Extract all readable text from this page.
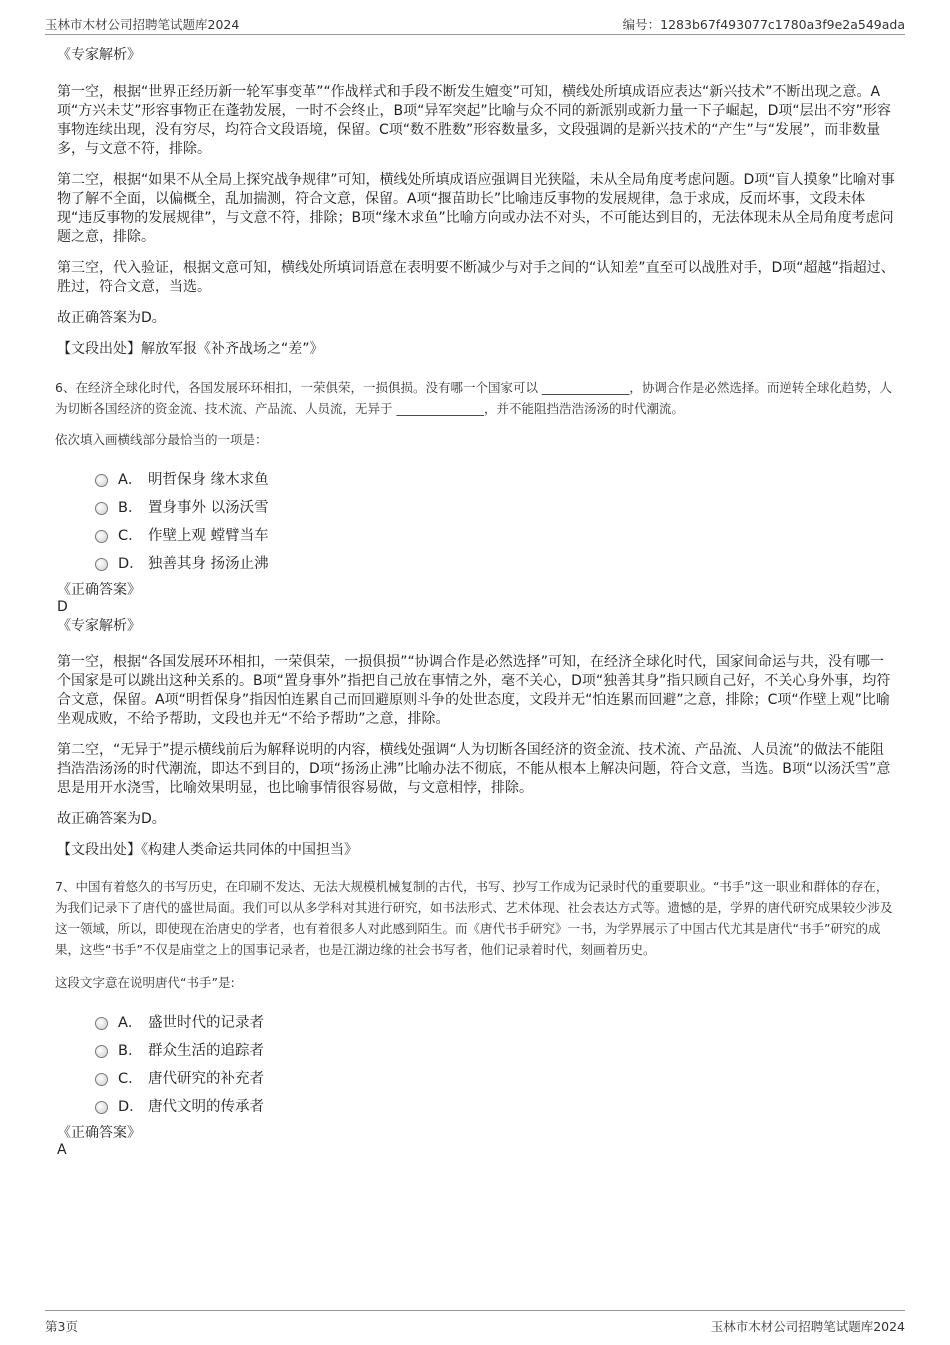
玉林市木材公司招聘笔试题库2024	编号：1283b67f493077c1780a3f9e2a549ada
《专家解析》

第一空，根据“世界正经历新一轮军事变革”“作战样式和手段不断发生嬗变”可知，横线处所填成语应表达“新兴技术”不断出现之意。A项“方兴未艾”形容事物正在蓬勃发展，一时不会终止，B项“异军突起”比喻与众不同的新派别或新力量一下子崛起，D项“层出不穷”形容事物连续出现，没有穷尽，均符合文段语境，保留。C项“数不胜数”形容数量多，文段强调的是新兴技术的“产生”与“发展”，而非数量多，与文意不符，排除。

第二空，根据“如果不从全局上探究战争规律”可知，横线处所填成语应强调目光狭隘，未从全局角度考虑问题。D项“盲人摸象”比喻对事物了解不全面，以偏概全，乱加揣测，符合文意，保留。A项“揠苗助长”比喻违反事物的发展规律，急于求成，反而坏事，文段未体现“违反事物的发展规律”，与文意不符，排除；B项“缘木求鱼”比喻方向或办法不对头，不可能达到目的，无法体现未从全局角度考虑问题之意，排除。

第三空，代入验证，根据文意可知，横线处所填词语意在表明要不断减少与对手之间的“认知差”直至可以战胜对手，D项“超越”指超过、胜过，符合文意，当选。

故正确答案为D。

【文段出处】解放军报《补齐战场之“差”》

6、在经济全球化时代，各国发展环环相扣，一荣俱荣，一损俱损。没有哪一个国家可以 ______________，协调合作是必然选择。而逆转全球化趋势，人为切断各国经济的资金流、技术流、产品流、人员流，无异于 ______________，并不能阻挡浩浩汤汤的时代潮流。

依次填入画横线部分最恰当的一项是：

A． 明哲保身 缘木求鱼
B． 置身事外 以汤沃雪
C． 作壁上观 螳臂当车
D． 独善其身 扬汤止沸
《正确答案》
D
《专家解析》

第一空，根据“各国发展环环相扣，一荣俱荣，一损俱损”“协调合作是必然选择”可知，在经济全球化时代，国家间命运与共，没有哪一个国家是可以跳出这种关系的。B项“置身事外”指把自己放在事情之外，毫不关心，D项“独善其身”指只顾自己好，不关心身外事，均符合文意，保留。A项“明哲保身”指因怕连累自己而回避原则斗争的处世态度，文段并无“怕连累而回避”之意，排除；C项“作壁上观”比喻坐观成败，不给予帮助，文段也并无“不给予帮助”之意，排除。

第二空，“无异于”提示横线前后为解释说明的内容，横线处强调“人为切断各国经济的资金流、技术流、产品流、人员流”的做法不能阻挡浩浩汤汤的时代潮流，即达不到目的，D项“扬汤止沸”比喻办法不彻底，不能从根本上解决问题，符合文意，当选。B项“以汤沃雪”意思是用开水浇雪，比喻效果明显，也比喻事情很容易做，与文意相悖，排除。

故正确答案为D。

【文段出处】《构建人类命运共同体的中国担当》

7、中国有着悠久的书写历史，在印刷不发达、无法大规模机械复制的古代，书写、抄写工作成为记录时代的重要职业。“书手”这一职业和群体的存在，为我们记录下了唐代的盛世局面。我们可以从多学科对其进行研究，如书法形式、艺术体现、社会表达方式等。遗憾的是，学界的唐代研究成果较少涉及这一领域，所以，即使现在治唐史的学者，也有着很多人对此感到陌生。而《唐代书手研究》一书，为学界展示了中国古代尤其是唐代“书手”研究的成果，这些“书手”不仅是庙堂之上的国事记录者，也是江湖边缘的社会书写者，他们记录着时代，刻画着历史。

这段文字意在说明唐代“书手”是:

A． 盛世时代的记录者
B． 群众生活的追踪者
C． 唐代研究的补充者
D． 唐代文明的传承者
《正确答案》
A
第3页	玉林市木材公司招聘笔试题库2024
